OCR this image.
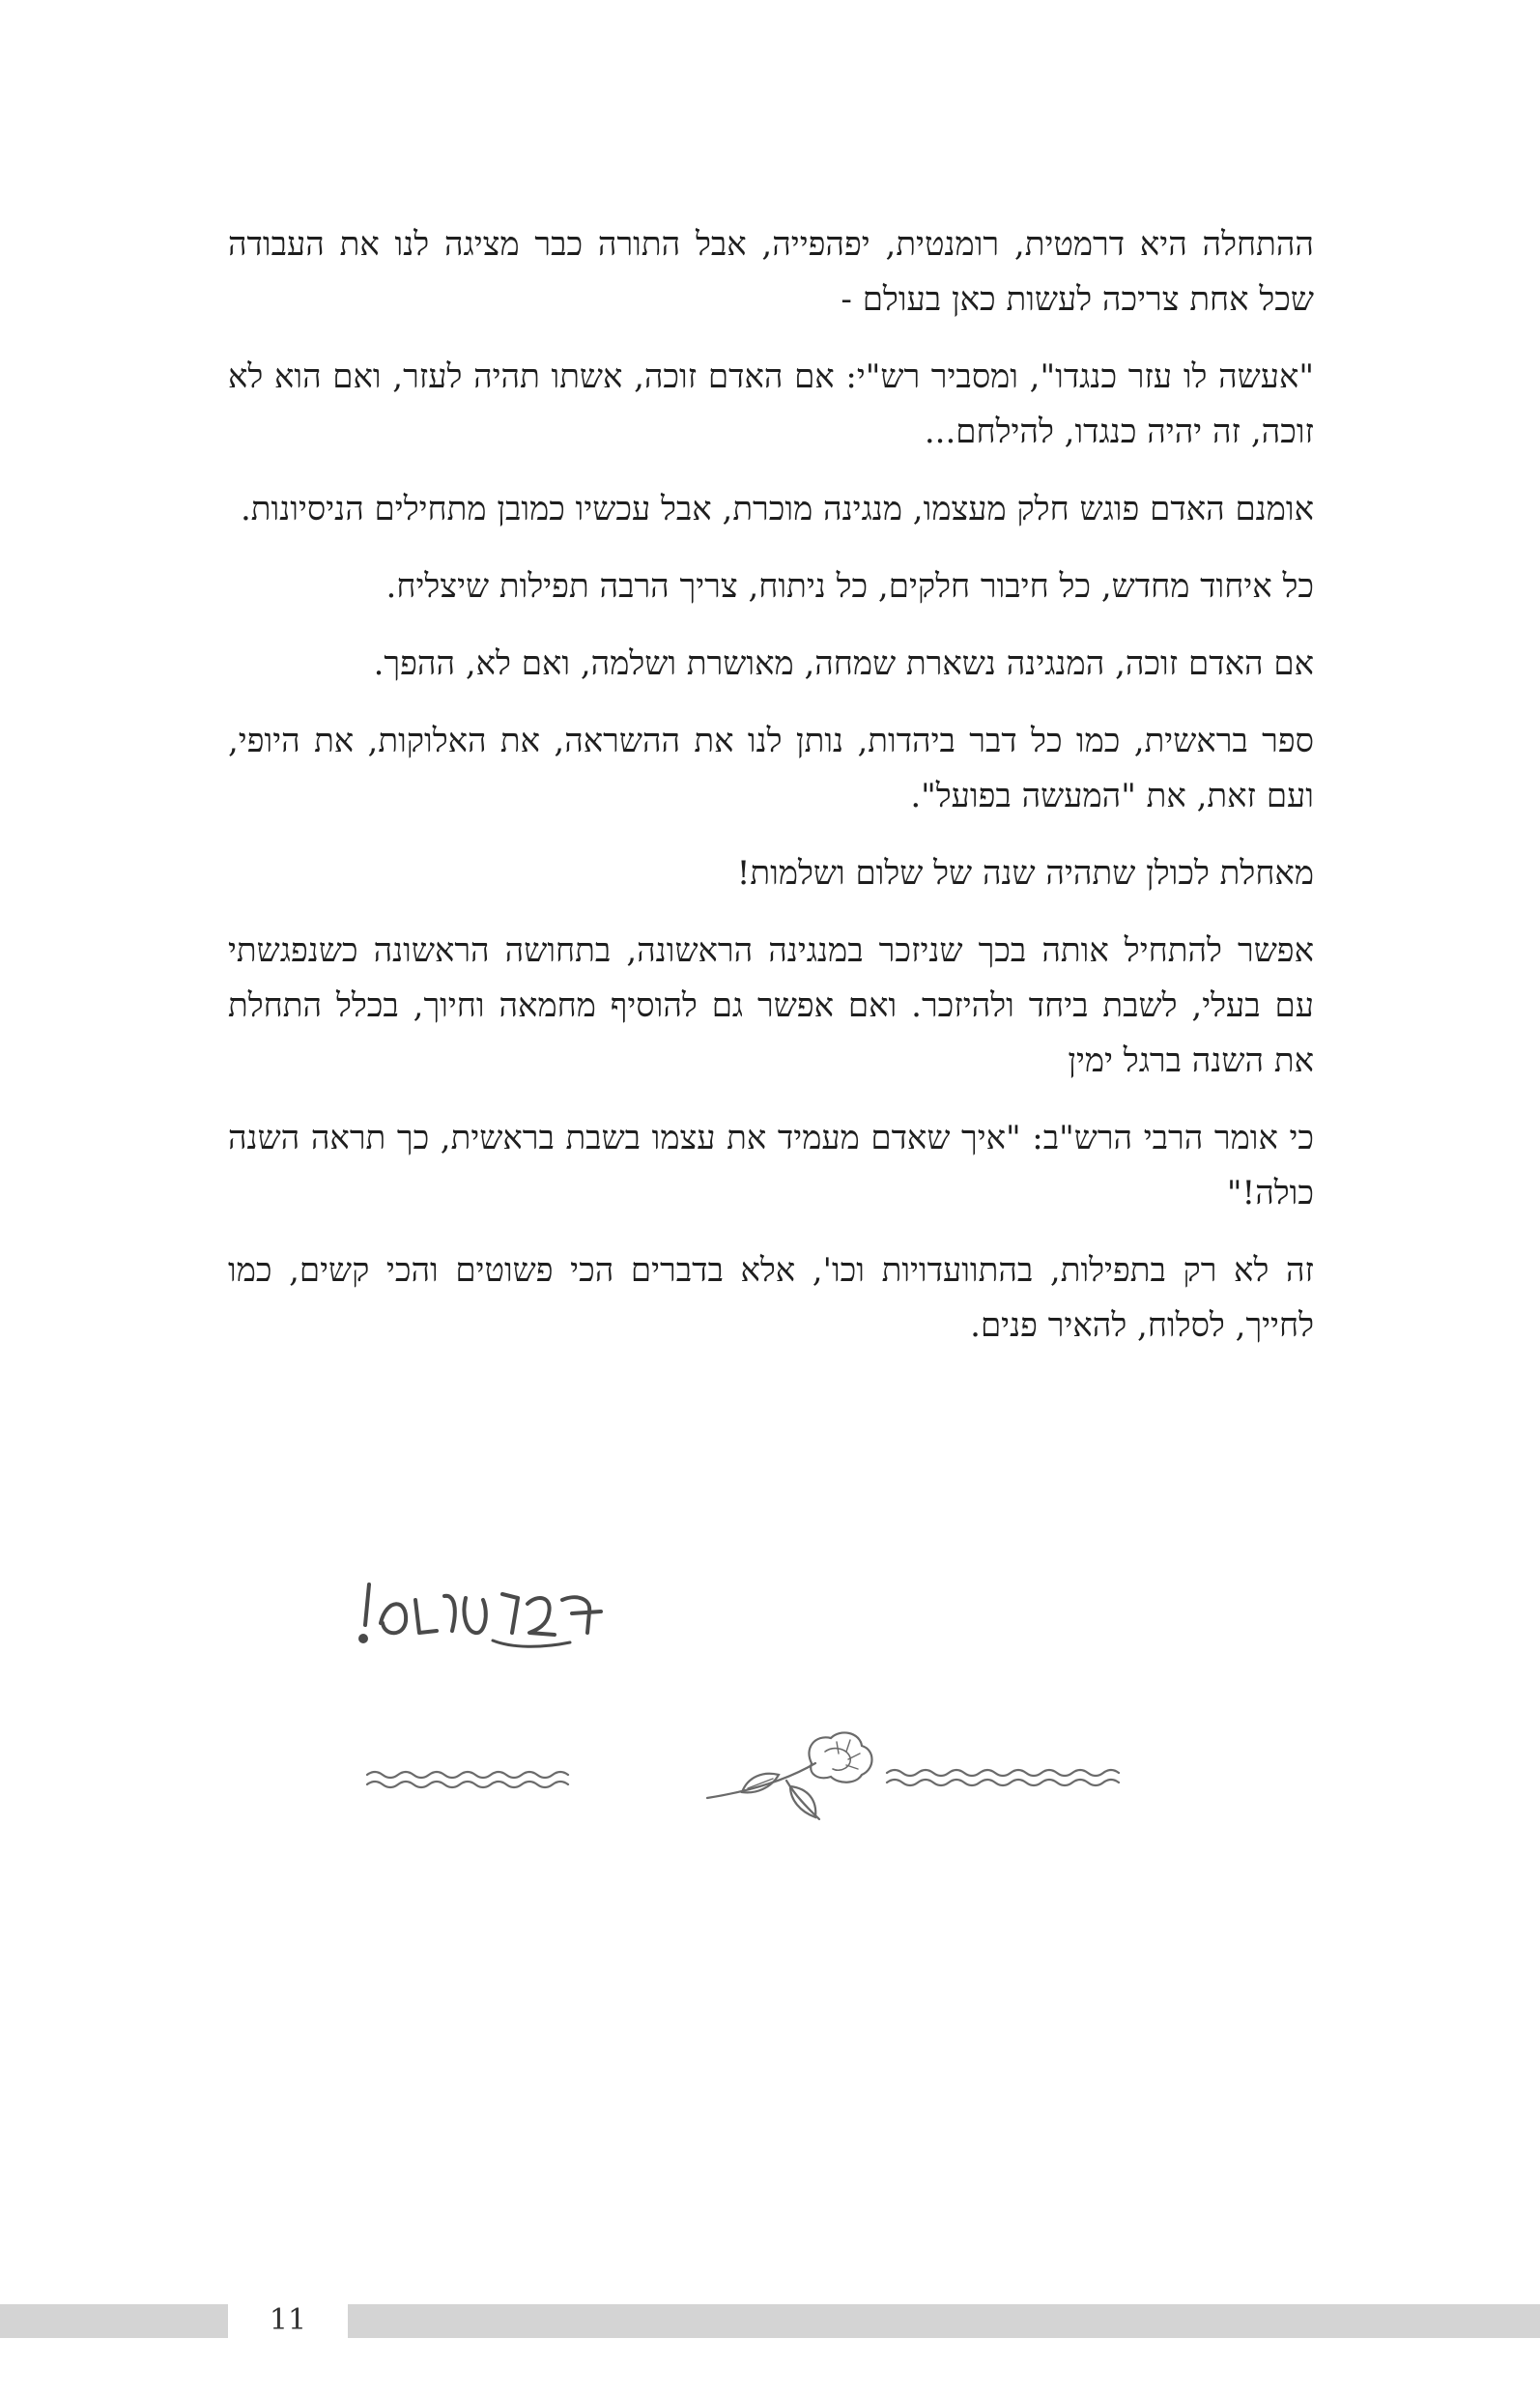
ההתחלה היא דרמטית, רומנטית, יפהפייה, אבל התורה כבר מציגה לנו את העבודה שכל אחת צריכה לעשות כאן בעולם -

"אעשה לו עזר כנגדו", ומסביר רש"י: אם האדם זוכה, אשתו תהיה לעזר, ואם הוא לא זוכה, זה יהיה כנגדו, להילחם...

אומנם האדם פוגש חלק מעצמו, מנגינה מוכרת, אבל עכשיו כמובן מתחילים הניסיונות.

כל איחוד מחדש, כל חיבור חלקים, כל ניתוח, צריך הרבה תפילות שיצליח.

אם האדם זוכה, המנגינה נשארת שמחה, מאושרת ושלמה, ואם לא, ההפך.

ספר בראשית, כמו כל דבר ביהדות, נותן לנו את ההשראה, את האלוקות, את היופי, ועם זאת, את "המעשה בפועל".

מאחלת לכולן שתהיה שנה של שלום ושלמות!

אפשר להתחיל אותה בכך שניזכר במנגינה הראשונה, בתחושה הראשונה כשנפגשתי עם בעלי, לשבת ביחד ולהיזכר. ואם אפשר גם להוסיף מחמאה וחיוך, בכלל התחלת את השנה ברגל ימין

כי אומר הרבי הרש"ב: "איך שאדם מעמיד את עצמו בשבת בראשית, כך תראה השנה כולה!"

זה לא רק בתפילות, בהתוועדויות וכו', אלא בדברים הכי פשוטים והכי קשים, כמו לחייך, לסלוח, להאיר פנים.

11
